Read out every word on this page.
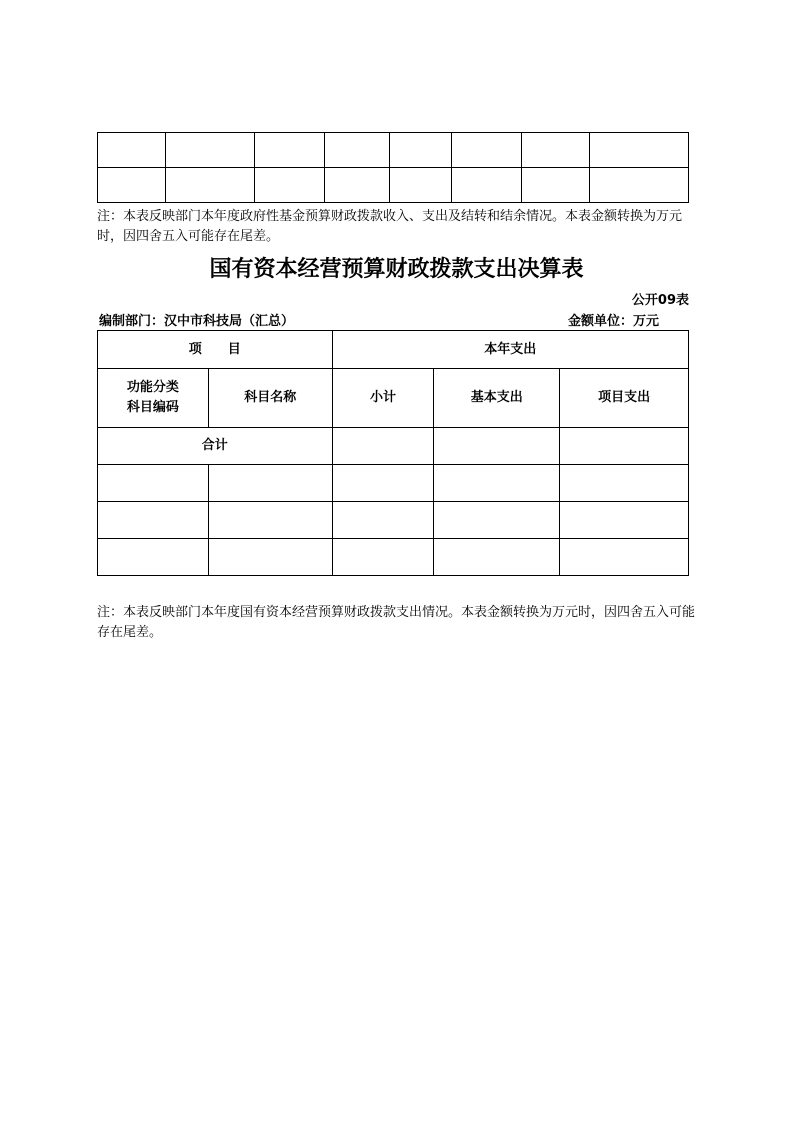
注：本表反映部门本年度政府性基金预算财政拨款收入、支出及结转和结余情况。本表金额转换为万元时，因四舍五入可能存在尾差。
国有资本经营预算财政拨款支出决算表
公开09表
编制部门：汉中市科技局（汇总）	金额单位：万元
项　　目		本年支出		
功能分类
科目编码	科目名称	小计	基本支出	项目支出
合计				

注：本表反映部门本年度国有资本经营预算财政拨款支出情况。本表金额转换为万元时，因四舍五入可能存在尾差。
